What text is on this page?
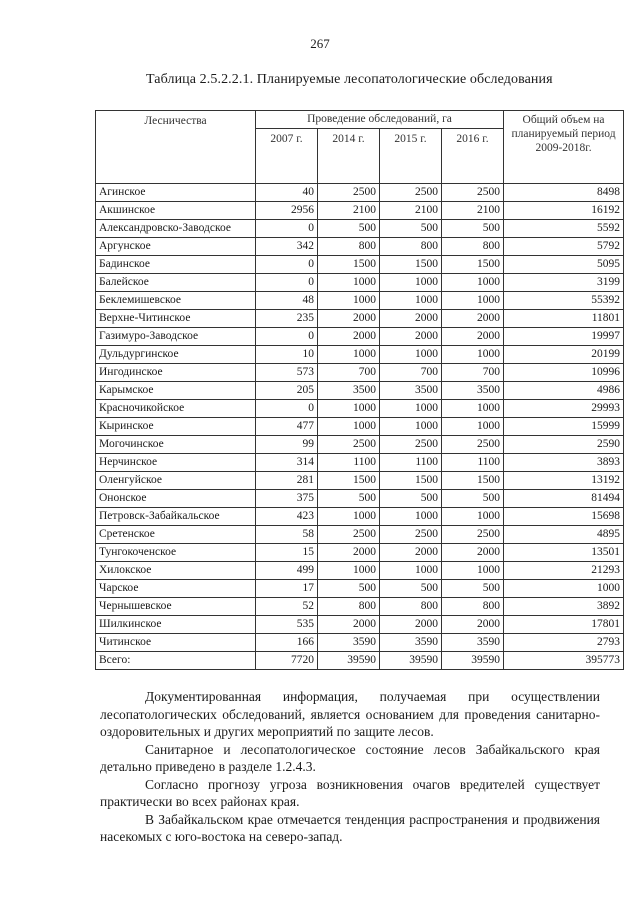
267
Таблица 2.5.2.2.1. Планируемые лесопатологические обследования
Лесничества	Проведение обследований, га				Общий объем на планируемый период 2009-2018г.
	2007 г.	2014 г.	2015 г.	2016 г.	
Агинское	40	2500	2500	2500	8498
Акшинское	2956	2100	2100	2100	16192
Александровско-Заводское	0	500	500	500	5592
Аргунское	342	800	800	800	5792
Бадинское	0	1500	1500	1500	5095
Балейское	0	1000	1000	1000	3199
Беклемишевское	48	1000	1000	1000	55392
Верхне-Читинское	235	2000	2000	2000	11801
Газимуро-Заводское	0	2000	2000	2000	19997
Дульдургинское	10	1000	1000	1000	20199
Ингодинское	573	700	700	700	10996
Карымское	205	3500	3500	3500	4986
Красночикойское	0	1000	1000	1000	29993
Кыринское	477	1000	1000	1000	15999
Могочинское	99	2500	2500	2500	2590
Нерчинское	314	1100	1100	1100	3893
Оленгуйское	281	1500	1500	1500	13192
Ононское	375	500	500	500	81494
Петровск-Забайкальское	423	1000	1000	1000	15698
Сретенское	58	2500	2500	2500	4895
Тунгокоченское	15	2000	2000	2000	13501
Хилокское	499	1000	1000	1000	21293
Чарское	17	500	500	500	1000
Чернышевское	52	800	800	800	3892
Шилкинское	535	2000	2000	2000	17801
Читинское	166	3590	3590	3590	2793
Всего:	7720	39590	39590	39590	395773

Документированная информация, получаемая при осуществлении лесопатологических обследований, является основанием для проведения санитарно-оздоровительных и других мероприятий по защите лесов.

Санитарное и лесопатологическое состояние лесов Забайкальского края детально приведено в разделе 1.2.4.3.

Согласно прогнозу угроза возникновения очагов вредителей существует практически во всех районах края.

В Забайкальском крае отмечается тенденция распространения и продвижения насекомых с юго-востока на северо-запад.
